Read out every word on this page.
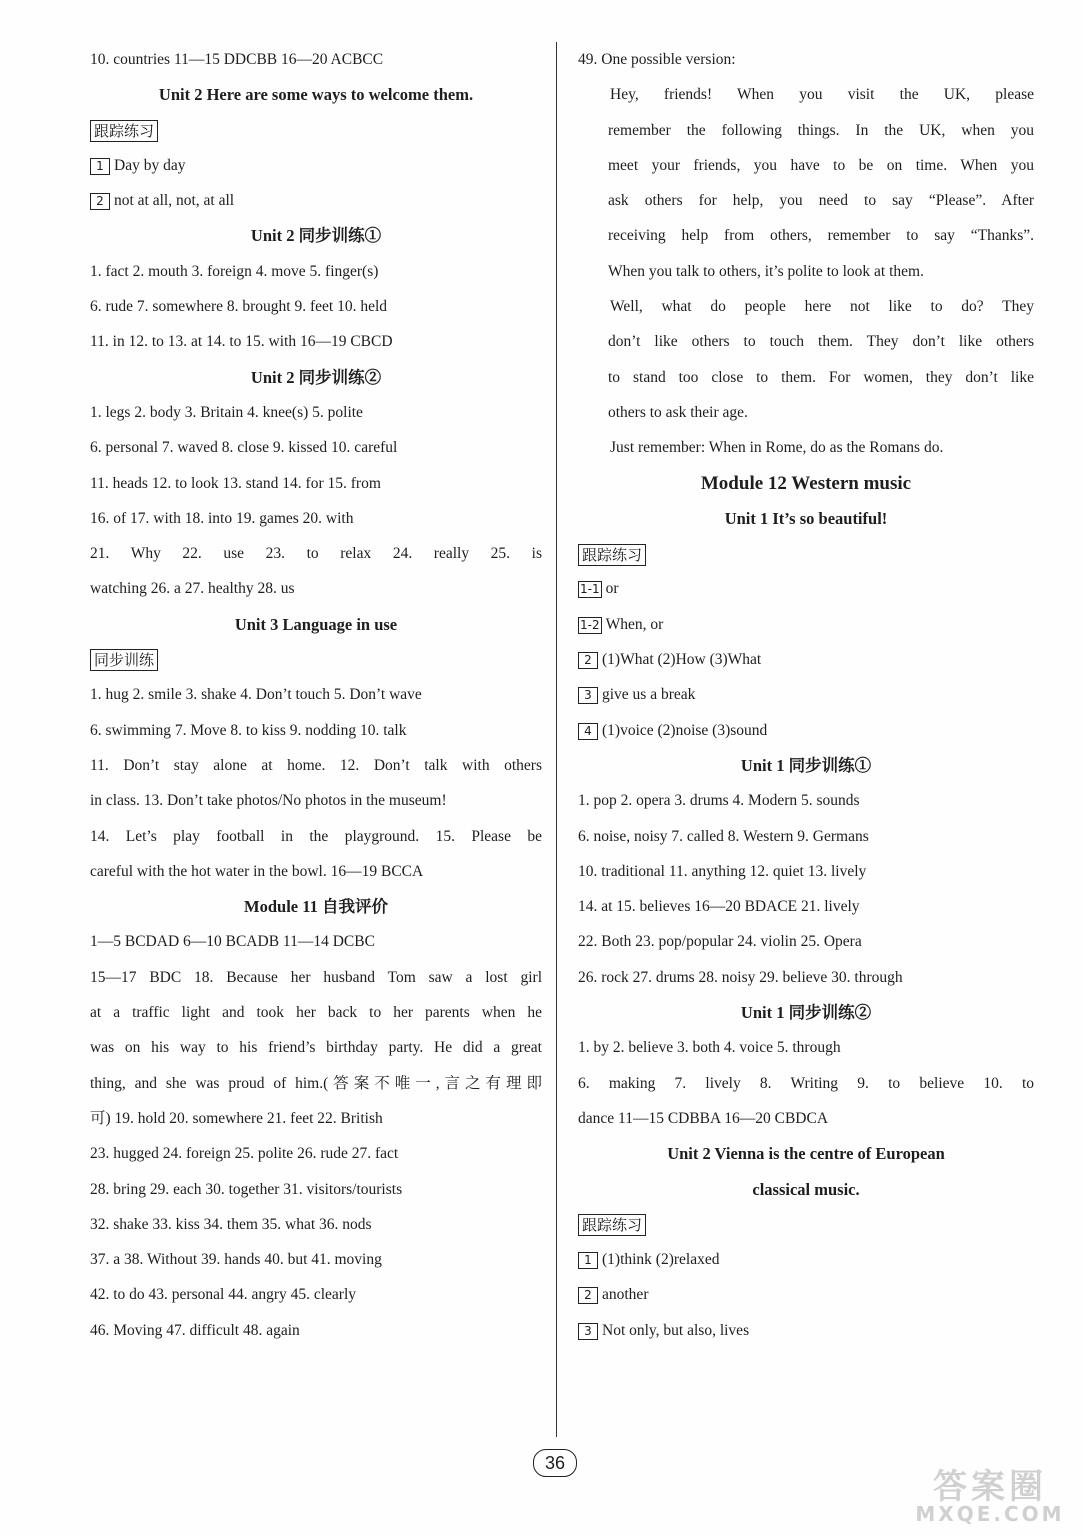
10. countries 11—15 DDCBB 16—20 ACBCC
Unit 2 Here are some ways to welcome them.
跟踪练习
1 Day by day
2 not at all, not, at all
Unit 2 同步训练①
1. fact 2. mouth 3. foreign 4. move 5. finger(s)
6. rude 7. somewhere 8. brought 9. feet 10. held
11. in 12. to 13. at 14. to 15. with 16—19 CBCD
Unit 2 同步训练②
1. legs 2. body 3. Britain 4. knee(s) 5. polite
6. personal 7. waved 8. close 9. kissed 10. careful
11. heads 12. to look 13. stand 14. for 15. from
16. of 17. with 18. into 19. games 20. with
21. Why 22. use 23. to relax 24. really 25. is
watching 26. a 27. healthy 28. us
Unit 3 Language in use
同步训练
1. hug 2. smile 3. shake 4. Don’t touch 5. Don’t wave
6. swimming 7. Move 8. to kiss 9. nodding 10. talk
11. Don’t stay alone at home. 12. Don’t talk with others
in class. 13. Don’t take photos/No photos in the museum!
14. Let’s play football in the playground. 15. Please be
careful with the hot water in the bowl. 16—19 BCCA
Module 11 自我评价
1—5 BCDAD 6—10 BCADB 11—14 DCBC
15—17 BDC 18. Because her husband Tom saw a lost girl
at a traffic light and took her back to her parents when he
was on his way to his friend’s birthday party. He did a great
thing, and she was proud of him.(答案不唯一,言之有理即
可) 19. hold 20. somewhere 21. feet 22. British
23. hugged 24. foreign 25. polite 26. rude 27. fact
28. bring 29. each 30. together 31. visitors/tourists
32. shake 33. kiss 34. them 35. what 36. nods
37. a 38. Without 39. hands 40. but 41. moving
42. to do 43. personal 44. angry 45. clearly
46. Moving 47. difficult 48. again
49. One possible version:
Hey, friends! When you visit the UK, please
remember the following things. In the UK, when you
meet your friends, you have to be on time. When you
ask others for help, you need to say “Please”. After
receiving help from others, remember to say “Thanks”.
When you talk to others, it’s polite to look at them.
Well, what do people here not like to do? They
don’t like others to touch them. They don’t like others
to stand too close to them. For women, they don’t like
others to ask their age.
Just remember: When in Rome, do as the Romans do.
Module 12 Western music
Unit 1 It’s so beautiful!
跟踪练习
1-1 or
1-2 When, or
2 (1)What (2)How (3)What
3 give us a break
4 (1)voice (2)noise (3)sound
Unit 1 同步训练①
1. pop 2. opera 3. drums 4. Modern 5. sounds
6. noise, noisy 7. called 8. Western 9. Germans
10. traditional 11. anything 12. quiet 13. lively
14. at 15. believes 16—20 BDACE 21. lively
22. Both 23. pop/popular 24. violin 25. Opera
26. rock 27. drums 28. noisy 29. believe 30. through
Unit 1 同步训练②
1. by 2. believe 3. both 4. voice 5. through
6. making 7. lively 8. Writing 9. to believe 10. to
dance 11—15 CDBBA 16—20 CBDCA
Unit 2 Vienna is the centre of European
classical music.
跟踪练习
1 (1)think (2)relaxed
2 another
3 Not only, but also, lives
36
答案圈
MXQE.COM
